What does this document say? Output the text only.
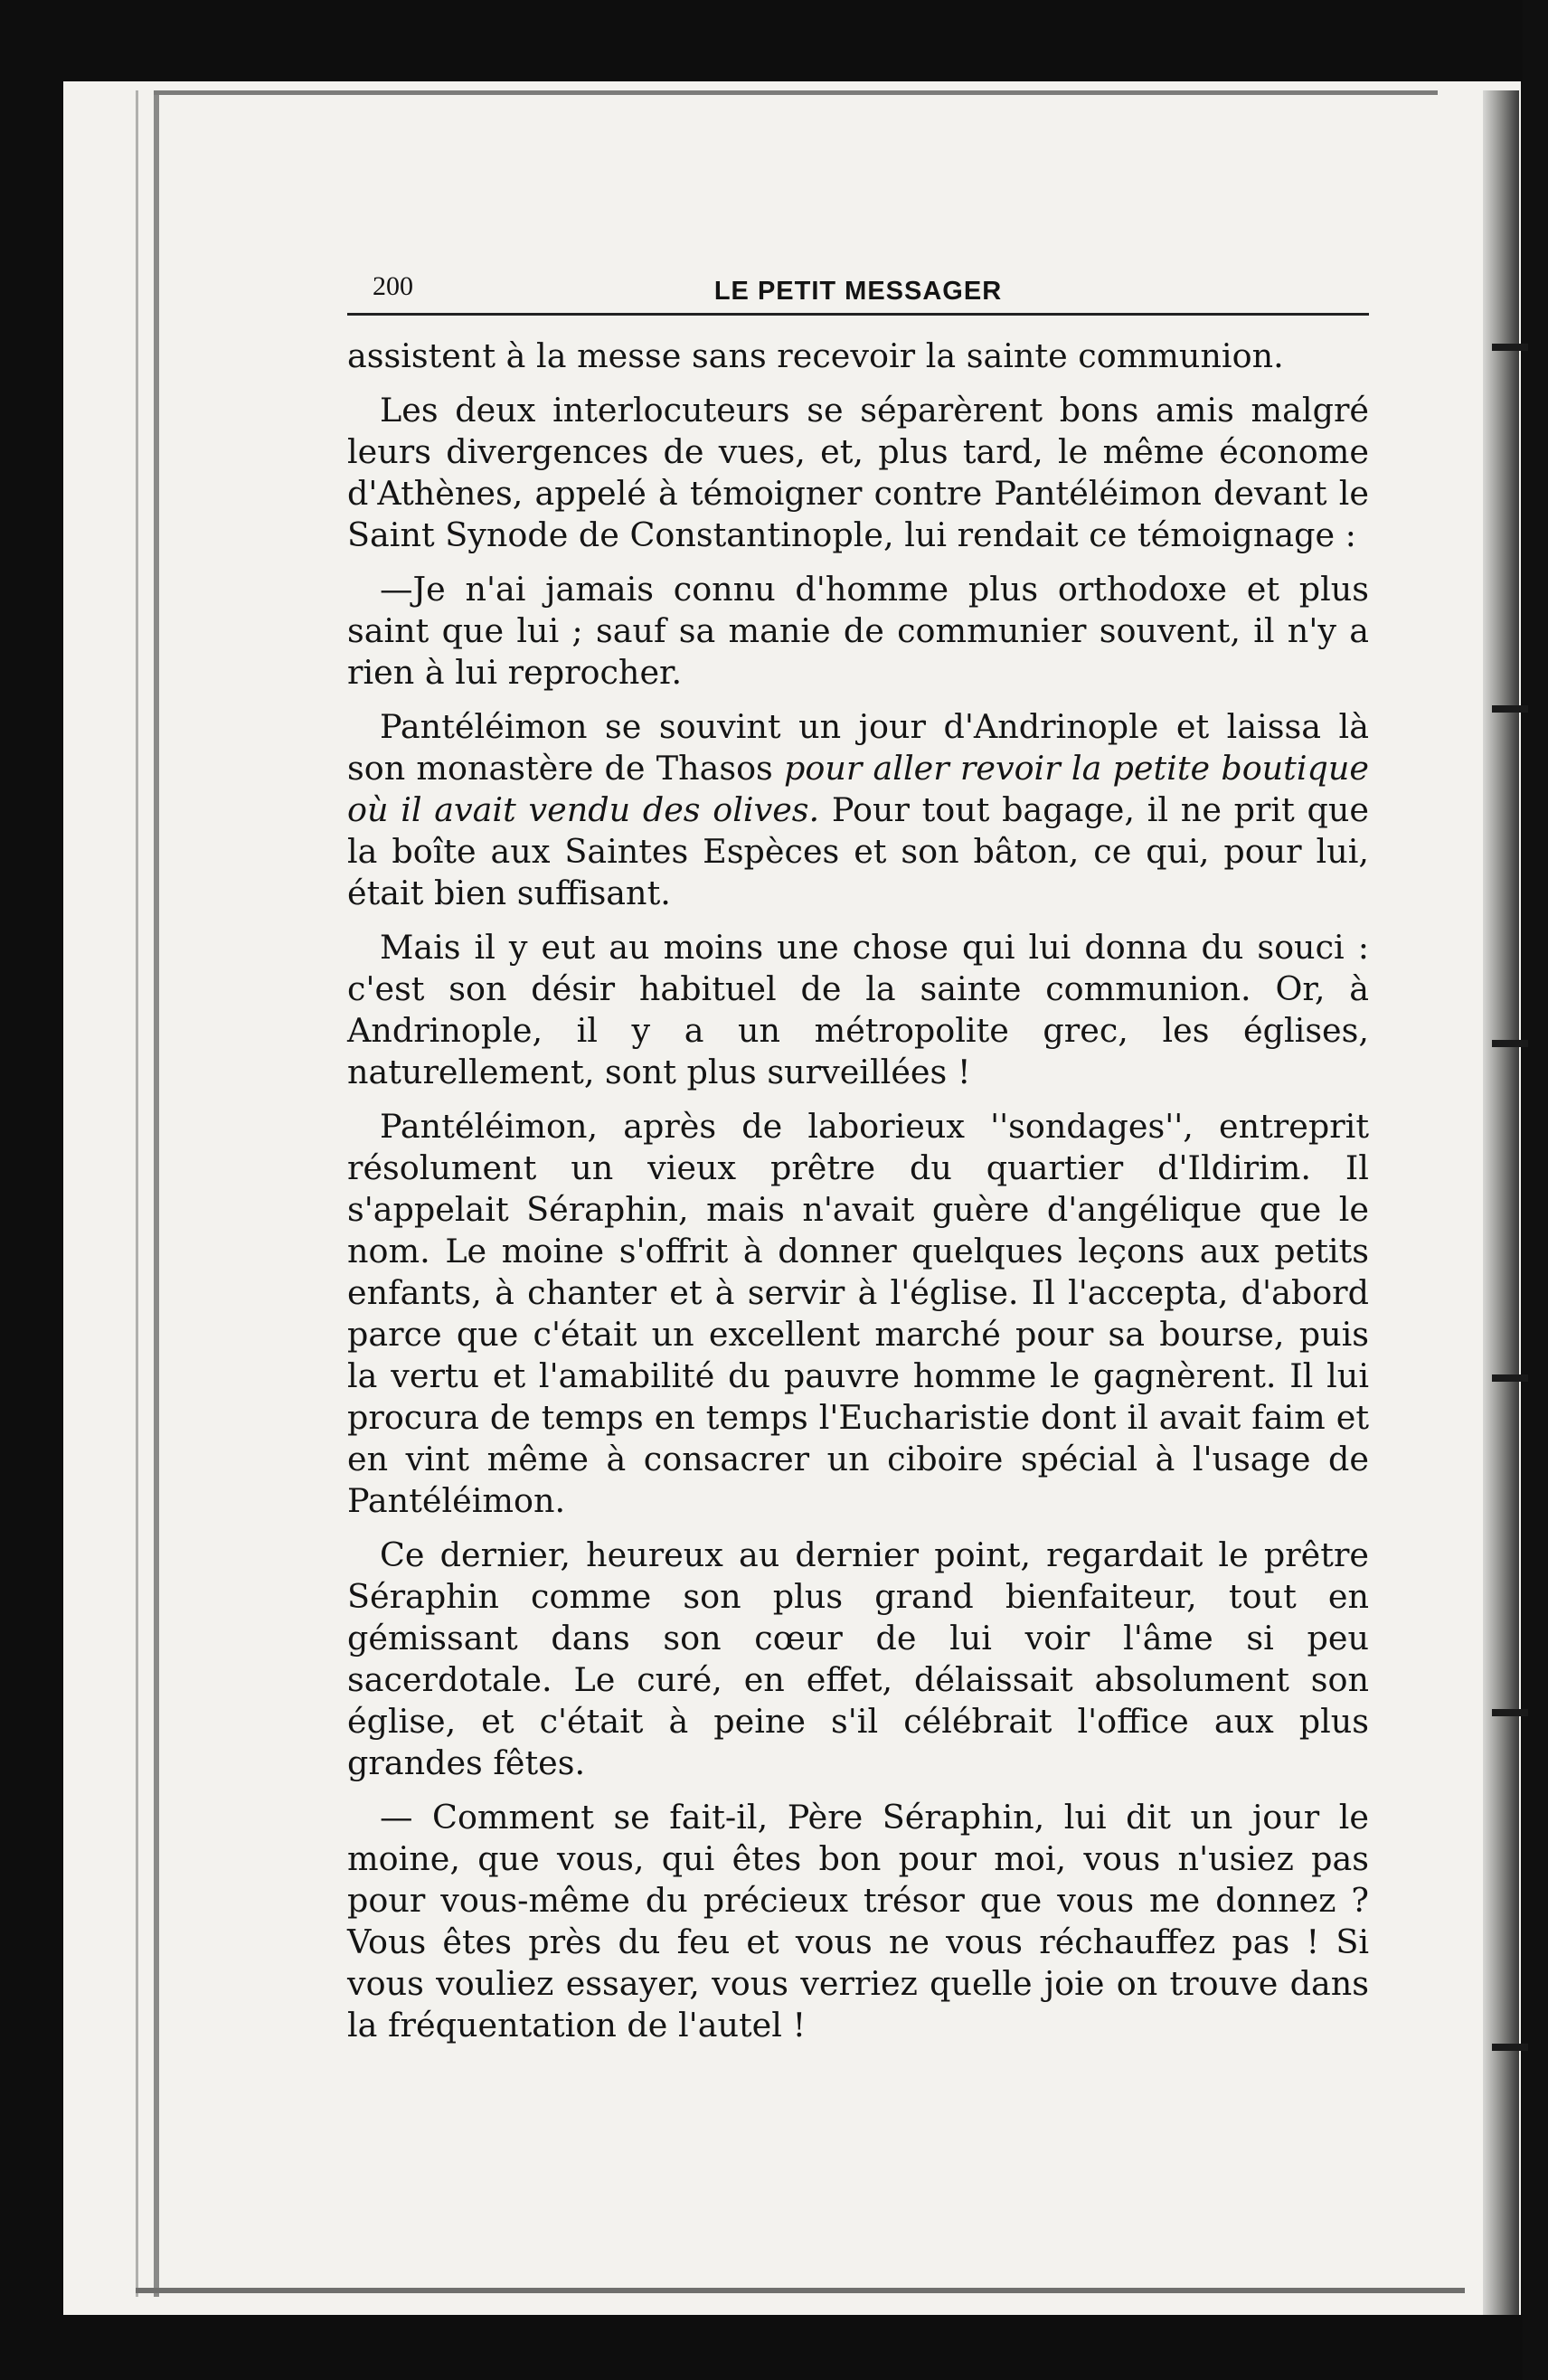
200	LE PETIT MESSAGER

assistent à la messe sans recevoir la sainte communion.

Les deux interlocuteurs se séparèrent bons amis malgré leurs divergences de vues, et, plus tard, le même économe d'Athènes, appelé à témoigner contre Pantéléimon devant le Saint Synode de Constantinople, lui rendait ce témoignage :

—Je n'ai jamais connu d'homme plus orthodoxe et plus saint que lui ; sauf sa manie de communier souvent, il n'y a rien à lui reprocher.

Pantéléimon se souvint un jour d'Andrinople et laissa là son monastère de Thasos pour aller revoir la petite boutique où il avait vendu des olives. Pour tout bagage, il ne prit que la boîte aux Saintes Espèces et son bâton, ce qui, pour lui, était bien suffisant.

Mais il y eut au moins une chose qui lui donna du souci : c'est son désir habituel de la sainte communion. Or, à Andrinople, il y a un métropolite grec, les églises, naturellement, sont plus surveillées !

Pantéléimon, après de laborieux ''sondages'', entreprit résolument un vieux prêtre du quartier d'Ildirim. Il s'appelait Séraphin, mais n'avait guère d'angélique que le nom. Le moine s'offrit à donner quelques leçons aux petits enfants, à chanter et à servir à l'église. Il l'accepta, d'abord parce que c'était un excellent marché pour sa bourse, puis la vertu et l'amabilité du pauvre homme le gagnèrent. Il lui procura de temps en temps l'Eucharistie dont il avait faim et en vint même à consacrer un ciboire spécial à l'usage de Pantéléimon.

Ce dernier, heureux au dernier point, regardait le prêtre Séraphin comme son plus grand bienfaiteur, tout en gémissant dans son cœur de lui voir l'âme si peu sacerdotale. Le curé, en effet, délaissait absolument son église, et c'était à peine s'il célébrait l'office aux plus grandes fêtes.

— Comment se fait-il, Père Séraphin, lui dit un jour le moine, que vous, qui êtes bon pour moi, vous n'usiez pas pour vous-même du précieux trésor que vous me donnez ? Vous êtes près du feu et vous ne vous réchauffez pas ! Si vous vouliez essayer, vous verriez quelle joie on trouve dans la fréquentation de l'autel !
